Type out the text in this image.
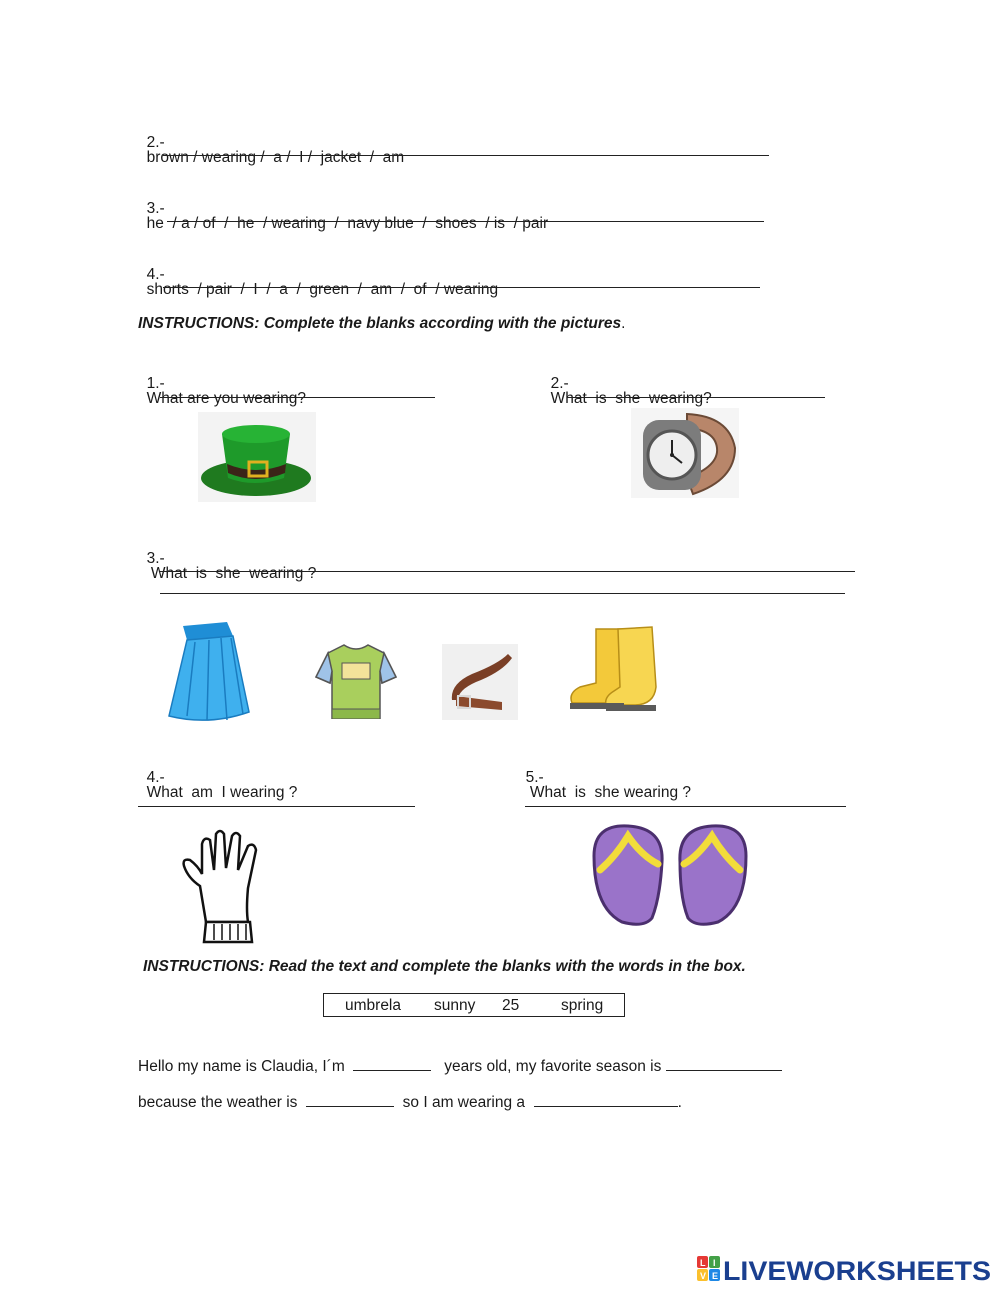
2.-
brown / wearing /  a /  I /  jacket  /  am

3.-
he  / a / of  /  he  / wearing  /  navy blue  /  shoes  / is  / pair

4.-
shorts  / pair  /  I  /  a  /  green  /  am  /  of  / wearing

INSTRUCTIONS: Complete the blanks according with the pictures.

1.-
What are you wearing?

2.-
What  is  she  wearing?

3.-
What  is  she  wearing ?

4.-
What  am  I wearing ?

5.-
What  is  she wearing ?

INSTRUCTIONS: Read the text and complete the blanks with the words in the box.
umbrela sunny 25	spring
Hello my name is Claudia, I´m	years old, my favorite season is
because the weather is	so I am wearing a	.
L I
V E LIVEWORKSHEETS
